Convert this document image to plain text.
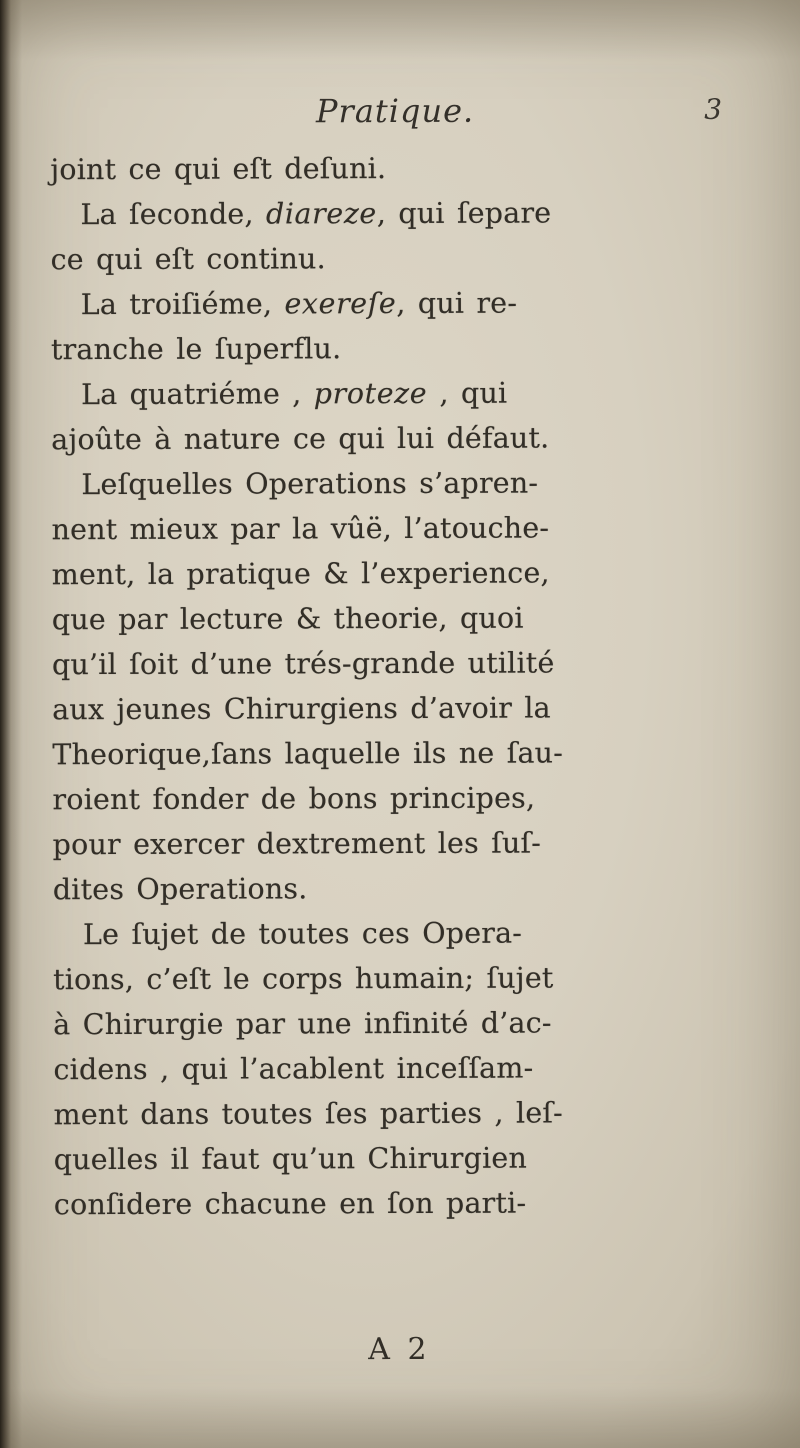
Pratique.	3
joint ce qui eſt deſuni.
La ſeconde, diareze, qui ſepare
ce qui eſt continu.
La troiſiéme, exereſe, qui re-
tranche le ſuperflu.
La quatriéme , proteze , qui
ajoûte à nature ce qui lui défaut.
Leſquelles Operations s’apren-
nent mieux par la vûë, l’atouche-
ment, la pratique & l’experience,
que par lecture & theorie, quoi
qu’il ſoit d’une trés-grande utilité
aux jeunes Chirurgiens d’avoir la
Theorique,ſans laquelle ils ne ſau-
roient fonder de bons principes,
pour exercer dextrement les ſuſ-
dites Operations.
Le ſujet de toutes ces Opera-
tions, c’eſt le corps humain; ſujet
à Chirurgie par une infinité d’ac-
cidens , qui l’acablent inceſſam-
ment dans toutes ſes parties , leſ-
quelles il faut qu’un Chirurgien
conſidere chacune en ſon parti-
A 2
